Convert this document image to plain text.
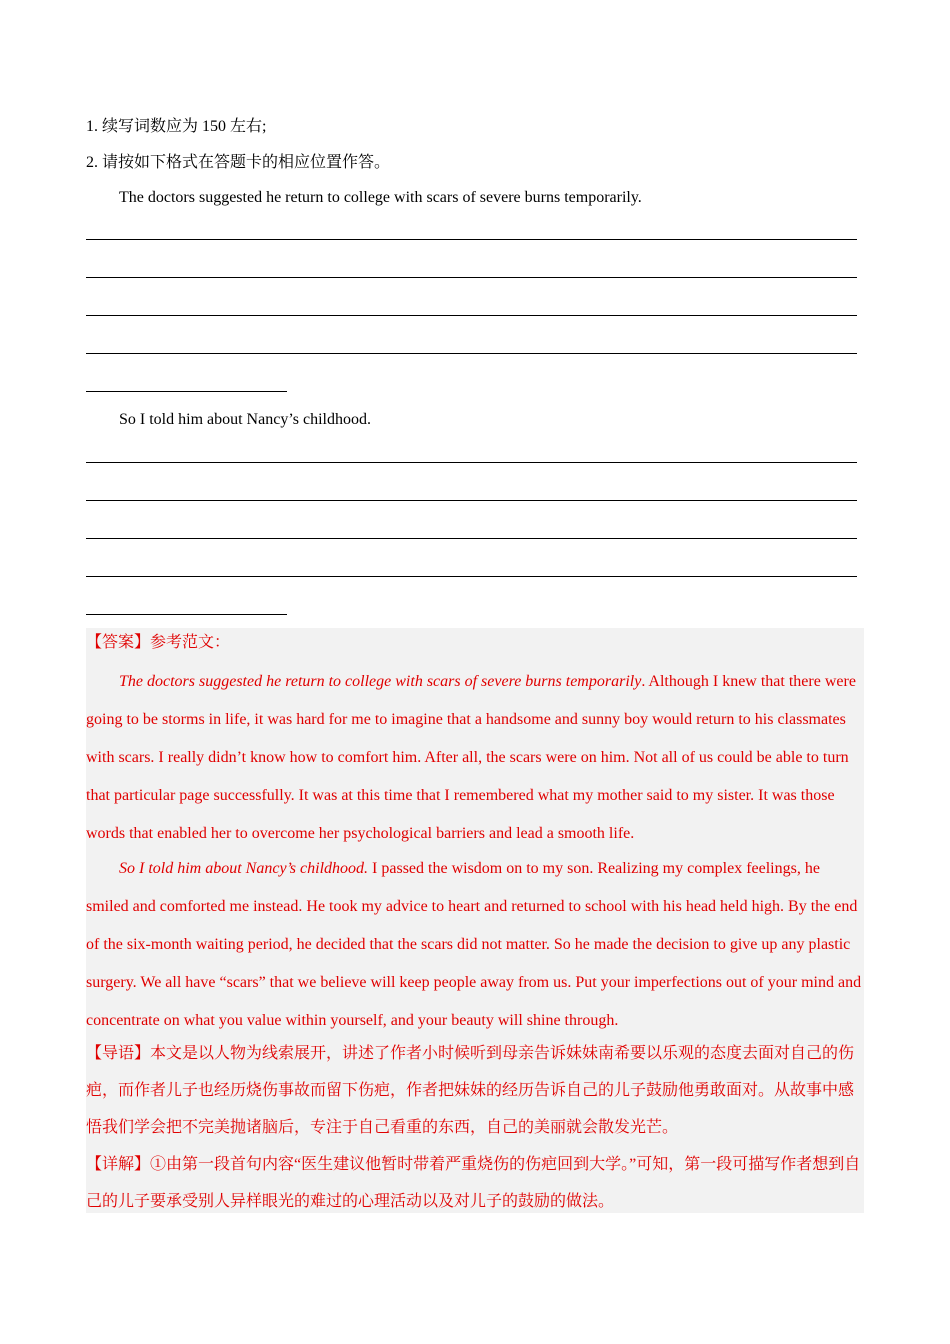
1. 续写词数应为 150 左右;
2. 请按如下格式在答题卡的相应位置作答。
The doctors suggested he return to college with scars of severe burns temporarily.
So I told him about Nancy’s childhood.

【答案】参考范文：

The doctors suggested he return to college with scars of severe burns temporarily. Although I knew that there were going to be storms in life, it was hard for me to imagine that a handsome and sunny boy would return to his classmates with scars. I really didn’t know how to comfort him. After all, the scars were on him. Not all of us could be able to turn that particular page successfully. It was at this time that I remembered what my mother said to my sister. It was those words that enabled her to overcome her psychological barriers and lead a smooth life.

So I told him about Nancy’s childhood. I passed the wisdom on to my son. Realizing my complex feelings, he smiled and comforted me instead. He took my advice to heart and returned to school with his head held high. By the end of the six-month waiting period, he decided that the scars did not matter. So he made the decision to give up any plastic surgery. We all have “scars” that we believe will keep people away from us. Put your imperfections out of your mind and concentrate on what you value within yourself, and your beauty will shine through.

【导语】本文是以人物为线索展开，讲述了作者小时候听到母亲告诉妹妹南希要以乐观的态度去面对自己的伤疤，而作者儿子也经历烧伤事故而留下伤疤，作者把妹妹的经历告诉自己的儿子鼓励他勇敢面对。从故事中感悟我们学会把不完美抛诸脑后，专注于自己看重的东西，自己的美丽就会散发光芒。

【详解】①由第一段首句内容“医生建议他暂时带着严重烧伤的伤疤回到大学。”可知，第一段可描写作者想到自己的儿子要承受别人异样眼光的难过的心理活动以及对儿子的鼓励的做法。
